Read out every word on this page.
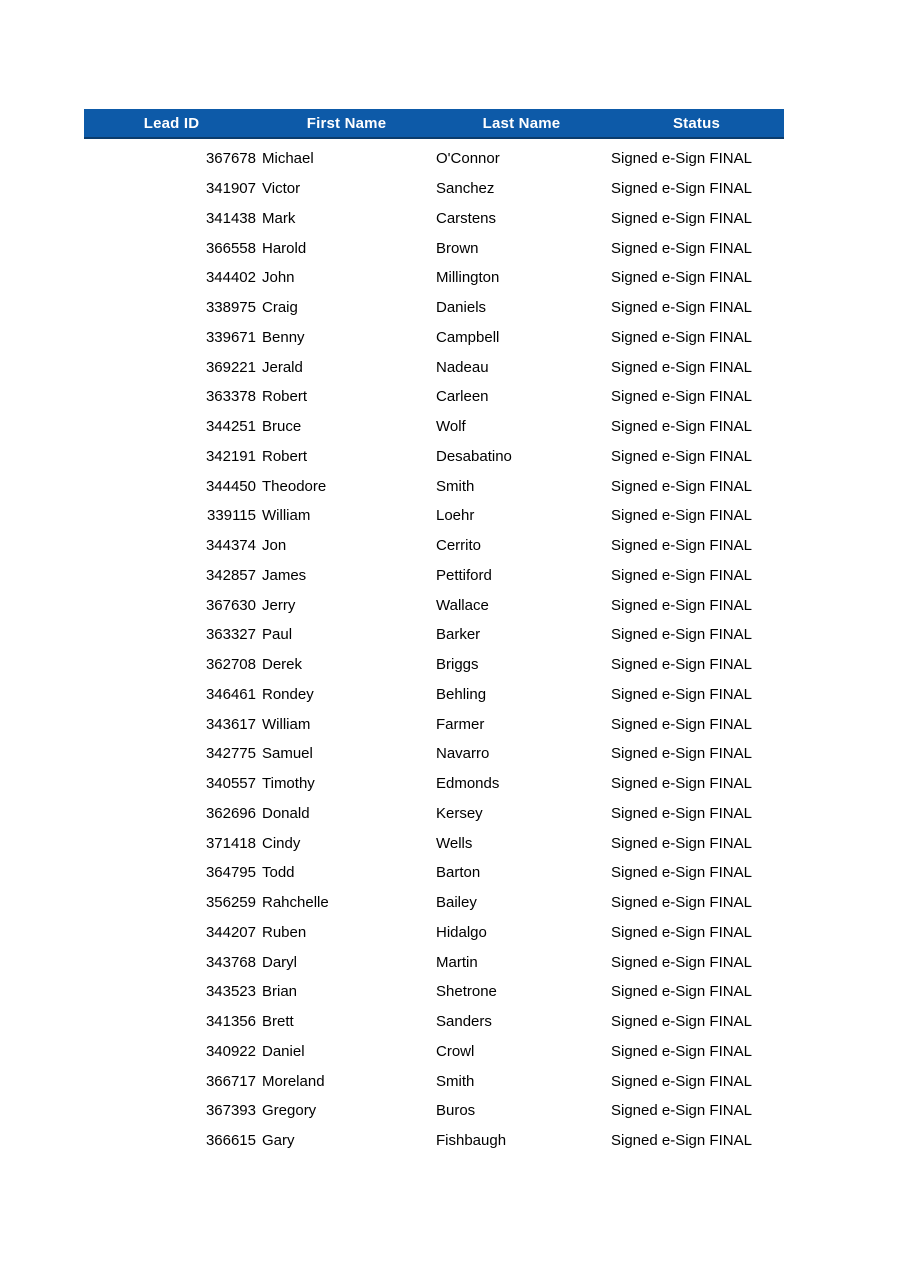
Lead ID	First Name	Last Name	Status
367678 Michael	O'Connor	Signed e-Sign FINAL
341907 Victor	Sanchez	Signed e-Sign FINAL
341438 Mark	Carstens	Signed e-Sign FINAL
366558 Harold	Brown	Signed e-Sign FINAL
344402 John	Millington	Signed e-Sign FINAL
338975 Craig	Daniels	Signed e-Sign FINAL
339671 Benny	Campbell	Signed e-Sign FINAL
369221 Jerald	Nadeau	Signed e-Sign FINAL
363378 Robert	Carleen	Signed e-Sign FINAL
344251 Bruce	Wolf	Signed e-Sign FINAL
342191 Robert	Desabatino	Signed e-Sign FINAL
344450 Theodore	Smith	Signed e-Sign FINAL
339115 William	Loehr	Signed e-Sign FINAL
344374 Jon	Cerrito	Signed e-Sign FINAL
342857 James	Pettiford	Signed e-Sign FINAL
367630 Jerry	Wallace	Signed e-Sign FINAL
363327 Paul	Barker	Signed e-Sign FINAL
362708 Derek	Briggs	Signed e-Sign FINAL
346461 Rondey	Behling	Signed e-Sign FINAL
343617 William	Farmer	Signed e-Sign FINAL
342775 Samuel	Navarro	Signed e-Sign FINAL
340557 Timothy	Edmonds	Signed e-Sign FINAL
362696 Donald	Kersey	Signed e-Sign FINAL
371418 Cindy	Wells	Signed e-Sign FINAL
364795 Todd	Barton	Signed e-Sign FINAL
356259 Rahchelle	Bailey	Signed e-Sign FINAL
344207 Ruben	Hidalgo	Signed e-Sign FINAL
343768 Daryl	Martin	Signed e-Sign FINAL
343523 Brian	Shetrone	Signed e-Sign FINAL
341356 Brett	Sanders	Signed e-Sign FINAL
340922 Daniel	Crowl	Signed e-Sign FINAL
366717 Moreland	Smith	Signed e-Sign FINAL
367393 Gregory	Buros	Signed e-Sign FINAL
366615 Gary	Fishbaugh	Signed e-Sign FINAL
